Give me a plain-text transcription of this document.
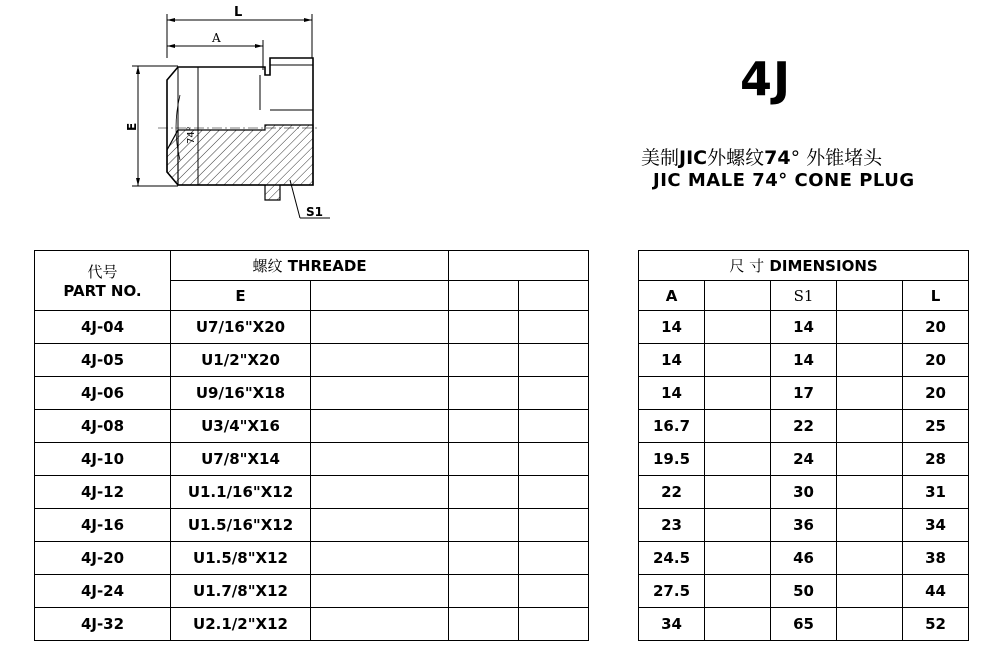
L
A
E	74°
S1
4J
美制JIC外螺纹74° 外锥堵头
JIC MALE 74° CONE PLUG
代号
PART NO.	螺纹 THREADE					尺 寸 DIMENSIONS				
	E					A		S1		L
4J-04	U7/16"X20					14		14		20
4J-05	U1/2"X20					14		14		20
4J-06	U9/16"X18					14		17		20
4J-08	U3/4"X16					16.7		22		25
4J-10	U7/8"X14					19.5		24		28
4J-12	U1.1/16"X12					22		30		31
4J-16	U1.5/16"X12					23		36		34
4J-20	U1.5/8"X12					24.5		46		38
4J-24	U1.7/8"X12					27.5		50		44
4J-32	U2.1/2"X12					34		65		52
